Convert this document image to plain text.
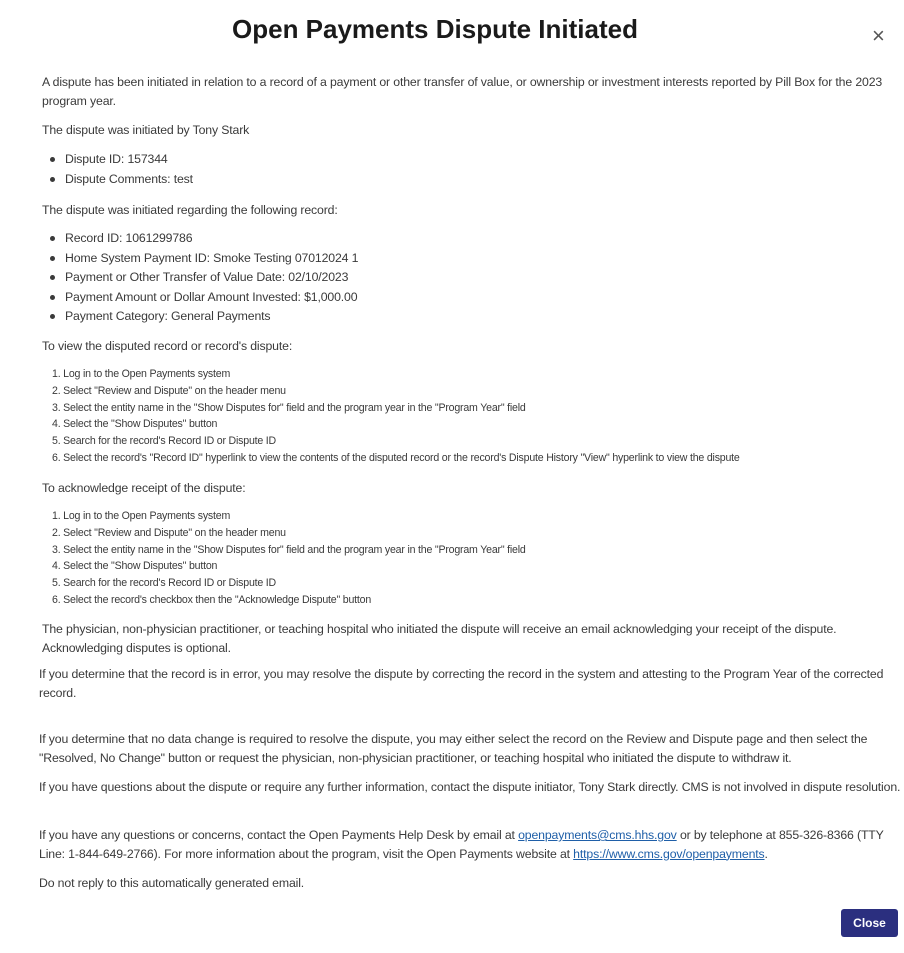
Open Payments Dispute Initiated	×

A dispute has been initiated in relation to a record of a payment or other transfer of value, or ownership or investment interests reported by Pill Box for the 2023 program year.

The dispute was initiated by Tony Stark

Dispute ID: 157344
Dispute Comments: test

The dispute was initiated regarding the following record:

Record ID: 1061299786
Home System Payment ID: Smoke Testing 07012024 1
Payment or Other Transfer of Value Date: 02/10/2023
Payment Amount or Dollar Amount Invested: $1,000.00
Payment Category: General Payments

To view the disputed record or record's dispute:

1. Log in to the Open Payments system
2. Select "Review and Dispute" on the header menu
3. Select the entity name in the "Show Disputes for" field and the program year in the "Program Year" field
4. Select the "Show Disputes" button
5. Search for the record's Record ID or Dispute ID
6. Select the record's "Record ID" hyperlink to view the contents of the disputed record or the record's Dispute History "View" hyperlink to view the dispute

To acknowledge receipt of the dispute:

1. Log in to the Open Payments system
2. Select "Review and Dispute" on the header menu
3. Select the entity name in the "Show Disputes for" field and the program year in the "Program Year" field
4. Select the "Show Disputes" button
5. Search for the record's Record ID or Dispute ID
6. Select the record's checkbox then the "Acknowledge Dispute" button

The physician, non-physician practitioner, or teaching hospital who initiated the dispute will receive an email acknowledging your receipt of the dispute. Acknowledging disputes is optional.

If you determine that the record is in error, you may resolve the dispute by correcting the record in the system and attesting to the Program Year of the corrected record.

If you determine that no data change is required to resolve the dispute, you may either select the record on the Review and Dispute page and then select the "Resolved, No Change" button or request the physician, non-physician practitioner, or teaching hospital who initiated the dispute to withdraw it.

If you have questions about the dispute or require any further information, contact the dispute initiator, Tony Stark directly. CMS is not involved in dispute resolution.

If you have any questions or concerns, contact the Open Payments Help Desk by email at openpayments@cms.hhs.gov or by telephone at 855-326-8366 (TTY Line: 1-844-649-2766). For more information about the program, visit the Open Payments website at https://www.cms.gov/openpayments.

Do not reply to this automatically generated email.

Close
